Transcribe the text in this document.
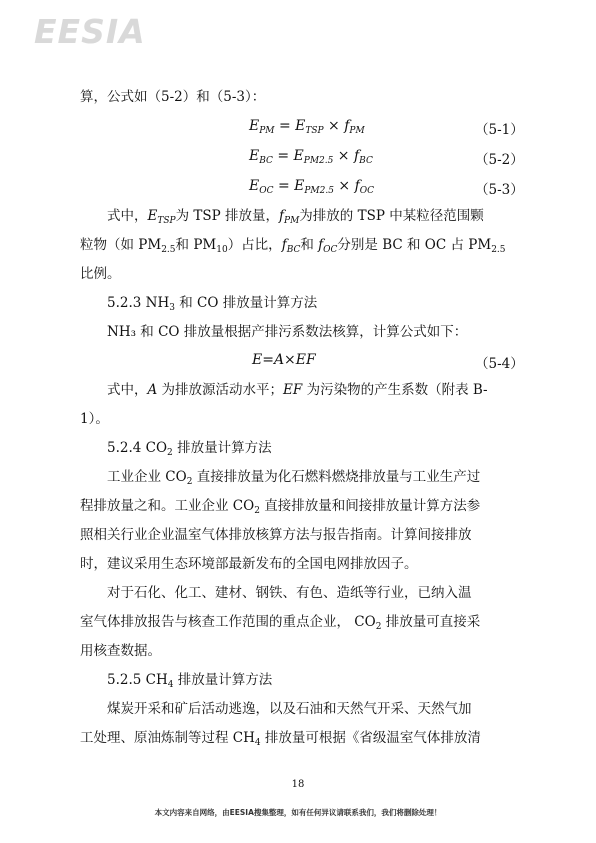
EESIA
算，公式如（5-2）和（5-3）：
$E_{PM} = E_{TSP} \times f_{PM}$	（5-1）
$E_{BC} = E_{PM2.5} \times f_{BC}$	（5-2）
$E_{OC} = E_{PM2.5} \times f_{OC}$	（5-3）
式中，$E_{TSP}$为 TSP 排放量，$f_{PM}$为排放的 TSP 中某粒径范围颗
粒物（如 $PM_{2.5}$和 $PM_{10}$）占比，$f_{BC}$和 $f_{OC}$分别是 BC 和 OC 占 $PM_{2.5}$
比例。
5.2.3 $NH_3$ 和 CO 排放量计算方法
NH₃ 和 CO 排放量根据产排污系数法核算，计算公式如下：
E=A×EF	（5-4）
式中，A 为排放源活动水平；EF 为污染物的产生系数（附表 B-
1）。
5.2.4 $CO_2$ 排放量计算方法
工业企业 $CO_2$ 直接排放量为化石燃料燃烧排放量与工业生产过
程排放量之和。工业企业 $CO_2$ 直接排放量和间接排放量计算方法参
照相关行业企业温室气体排放核算方法与报告指南。计算间接排放
时，建议采用生态环境部最新发布的全国电网排放因子。
对于石化、化工、建材、钢铁、有色、造纸等行业，已纳入温
室气体排放报告与核查工作范围的重点企业， $CO_2$ 排放量可直接采
用核查数据。
5.2.5 $CH_4$ 排放量计算方法
煤炭开采和矿后活动逃逸，以及石油和天然气开采、天然气加
工处理、原油炼制等过程 $CH_4$ 排放量可根据《省级温室气体排放清
18
本文内容来自网络，由EESIA搜集整理，如有任何异议请联系我们，我们将删除处理！
